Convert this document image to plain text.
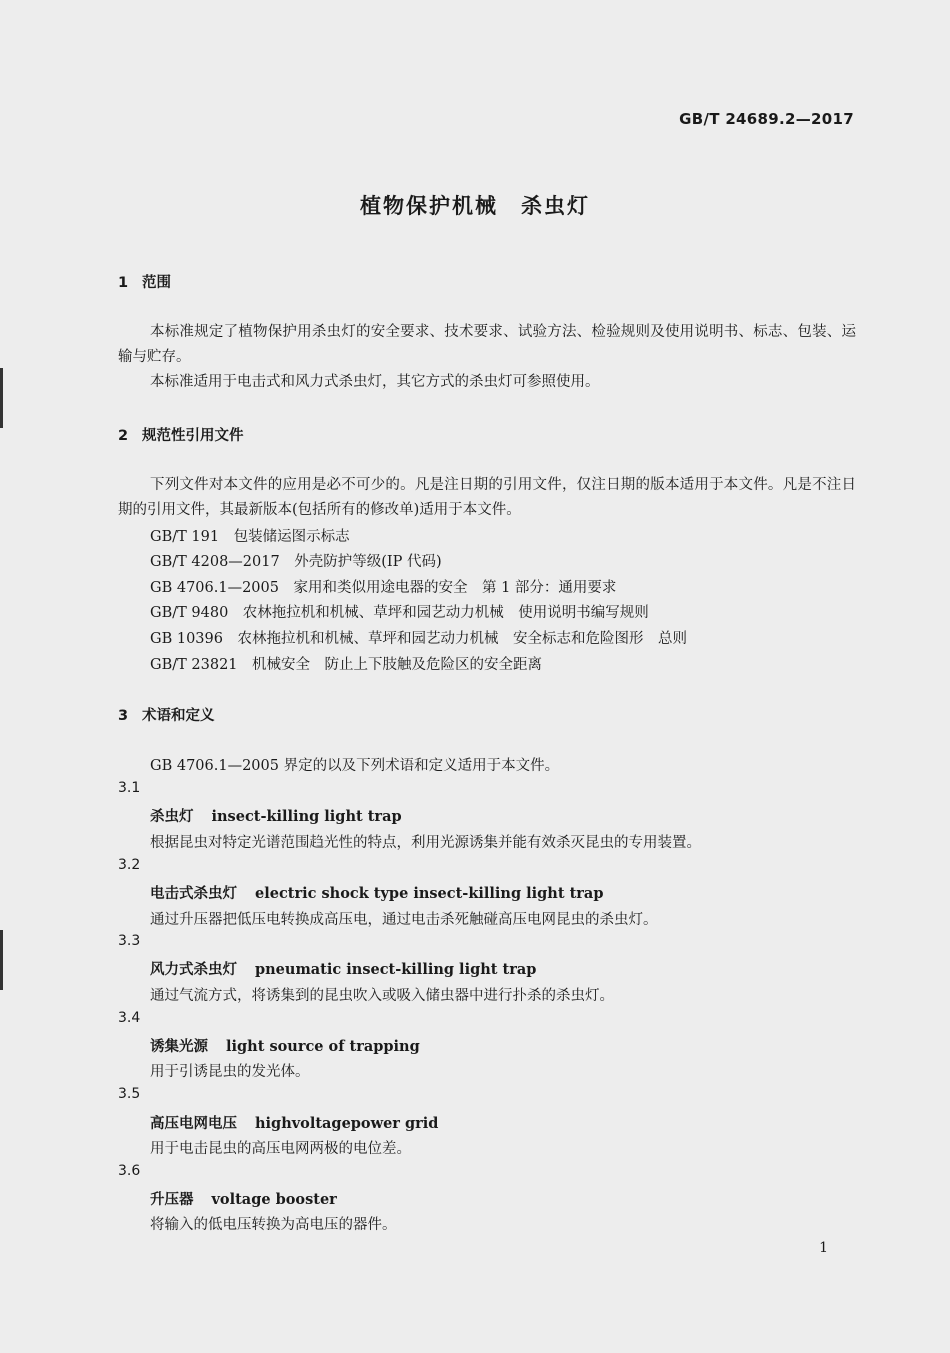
GB/T 24689.2—2017
植物保护机械　杀虫灯
1 范围
本标准规定了植物保护用杀虫灯的安全要求、技术要求、试验方法、检验规则及使用说明书、标志、包装、运输与贮存。
本标准适用于电击式和风力式杀虫灯，其它方式的杀虫灯可参照使用。
2 规范性引用文件
下列文件对本文件的应用是必不可少的。凡是注日期的引用文件，仅注日期的版本适用于本文件。凡是不注日期的引用文件，其最新版本(包括所有的修改单)适用于本文件。
GB/T 191　包装储运图示标志
GB/T 4208—2017　外壳防护等级(IP 代码)
GB 4706.1—2005　家用和类似用途电器的安全　第 1 部分：通用要求
GB/T 9480　农林拖拉机和机械、草坪和园艺动力机械　使用说明书编写规则
GB 10396　农林拖拉机和机械、草坪和园艺动力机械　安全标志和危险图形　总则
GB/T 23821　机械安全　防止上下肢触及危险区的安全距离
3 术语和定义
GB 4706.1—2005 界定的以及下列术语和定义适用于本文件。
3.1
杀虫灯 insect-killing light trap
根据昆虫对特定光谱范围趋光性的特点，利用光源诱集并能有效杀灭昆虫的专用装置。
3.2
电击式杀虫灯 electric shock type insect-killing light trap
通过升压器把低压电转换成高压电，通过电击杀死触碰高压电网昆虫的杀虫灯。
3.3
风力式杀虫灯 pneumatic insect-killing light trap
通过气流方式，将诱集到的昆虫吹入或吸入储虫器中进行扑杀的杀虫灯。
3.4
诱集光源 light source of trapping
用于引诱昆虫的发光体。
3.5
高压电网电压 highvoltagepower grid
用于电击昆虫的高压电网两极的电位差。
3.6
升压器 voltage booster
将输入的低电压转换为高电压的器件。
1
